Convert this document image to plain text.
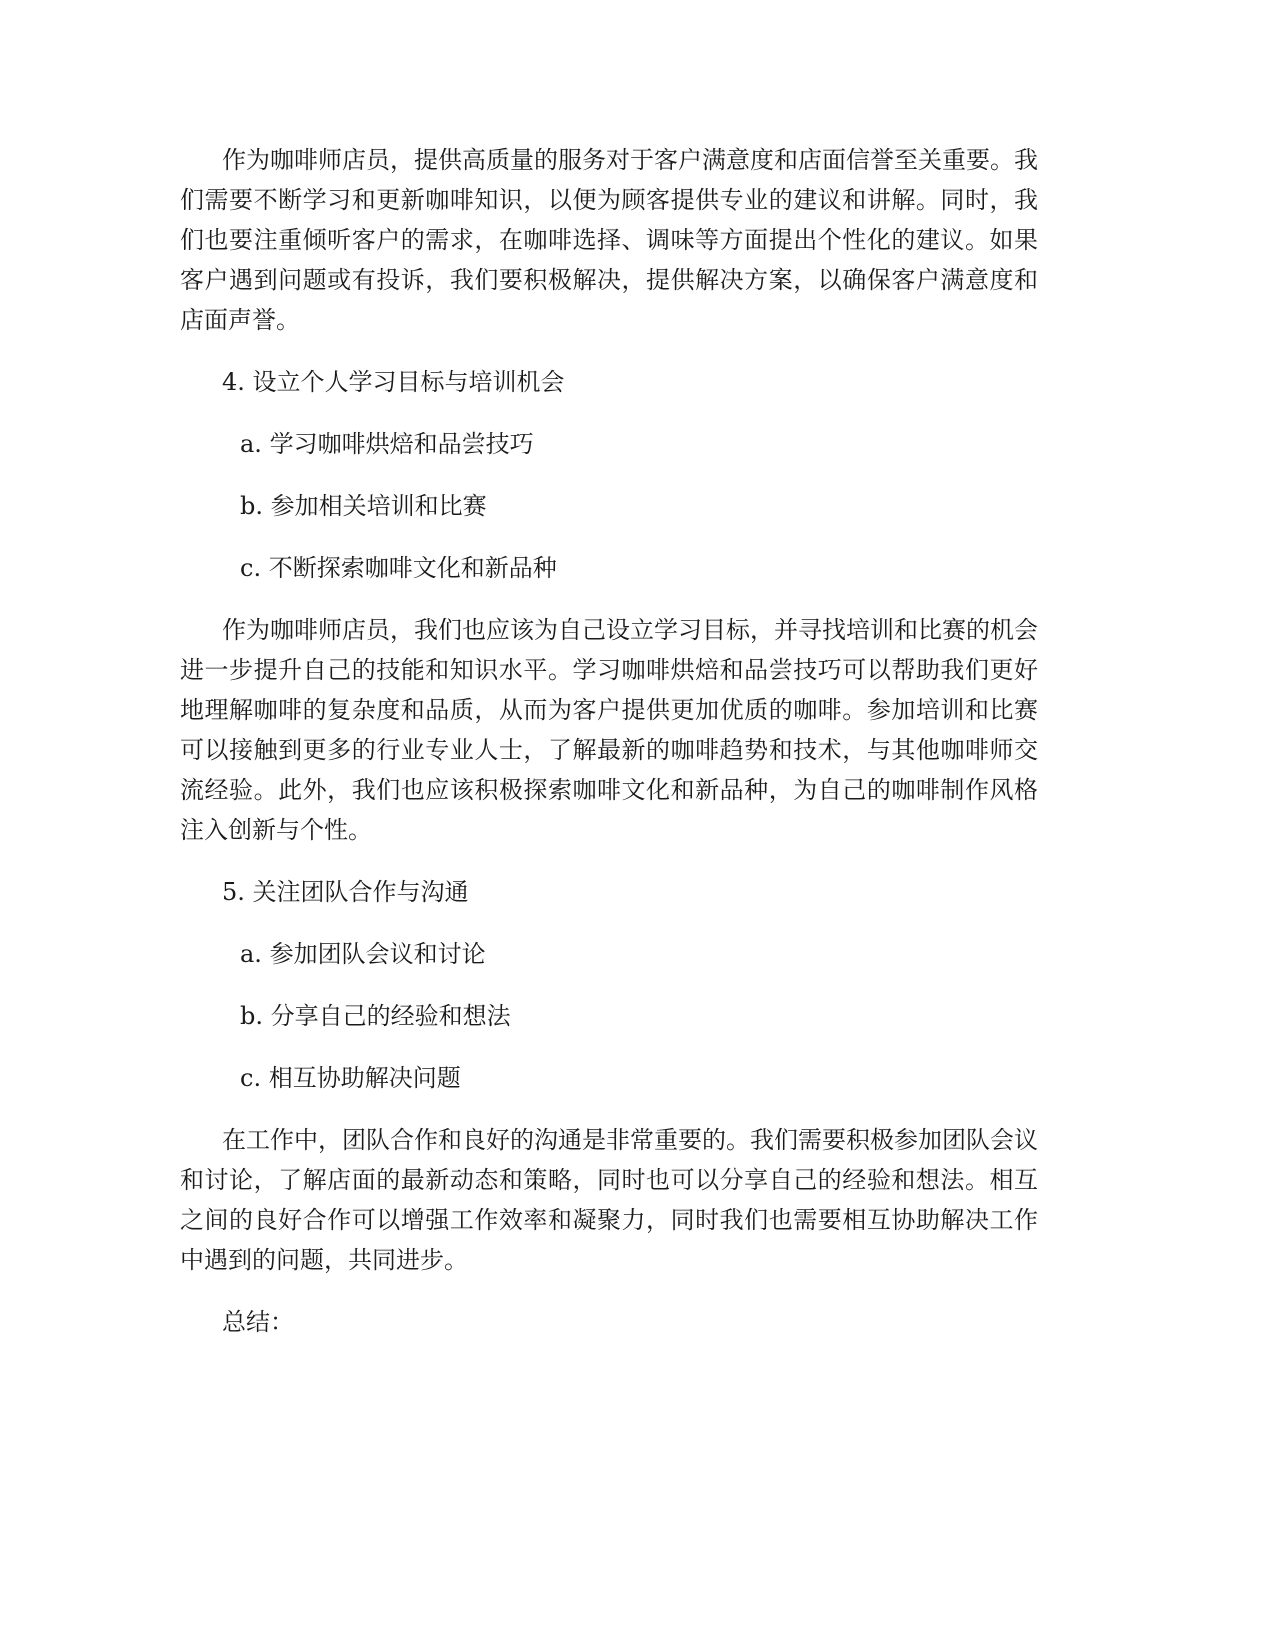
作为咖啡师店员，提供高质量的服务对于客户满意度和店面信誉至关重要。我们需要不断学习和更新咖啡知识，以便为顾客提供专业的建议和讲解。同时，我们也要注重倾听客户的需求，在咖啡选择、调味等方面提出个性化的建议。如果客户遇到问题或有投诉，我们要积极解决，提供解决方案，以确保客户满意度和店面声誉。

4. 设立个人学习目标与培训机会
a. 学习咖啡烘焙和品尝技巧
b. 参加相关培训和比赛
c. 不断探索咖啡文化和新品种

作为咖啡师店员，我们也应该为自己设立学习目标，并寻找培训和比赛的机会进一步提升自己的技能和知识水平。学习咖啡烘焙和品尝技巧可以帮助我们更好地理解咖啡的复杂度和品质，从而为客户提供更加优质的咖啡。参加培训和比赛可以接触到更多的行业专业人士，了解最新的咖啡趋势和技术，与其他咖啡师交流经验。此外，我们也应该积极探索咖啡文化和新品种，为自己的咖啡制作风格注入创新与个性。

5. 关注团队合作与沟通
a. 参加团队会议和讨论
b. 分享自己的经验和想法
c. 相互协助解决问题

在工作中，团队合作和良好的沟通是非常重要的。我们需要积极参加团队会议和讨论，了解店面的最新动态和策略，同时也可以分享自己的经验和想法。相互之间的良好合作可以增强工作效率和凝聚力，同时我们也需要相互协助解决工作中遇到的问题，共同进步。

总结：
